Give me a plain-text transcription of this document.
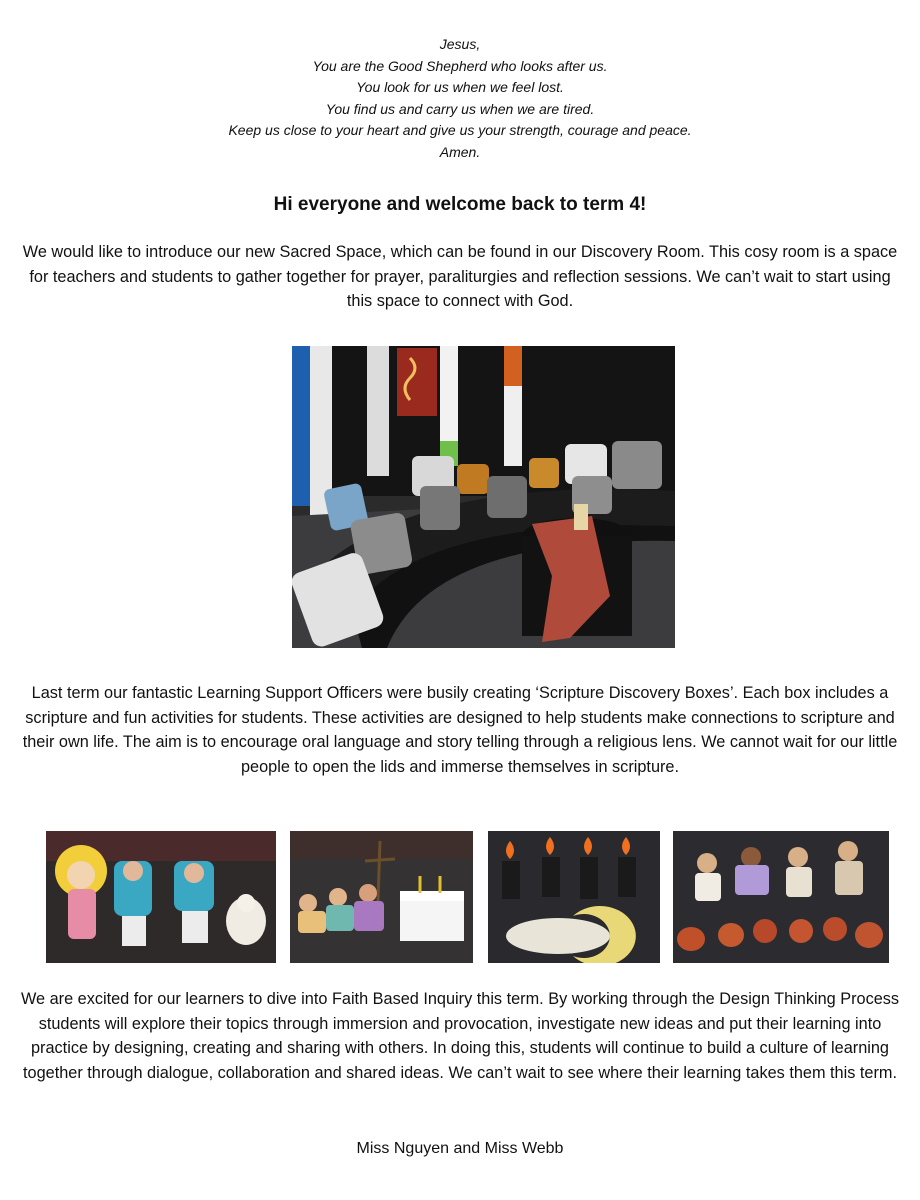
Jesus,
You are the Good Shepherd who looks after us.
You look for us when we feel lost.
You find us and carry us when we are tired.
Keep us close to your heart and give us your strength, courage and peace.
Amen.
Hi everyone and welcome back to term 4!
We would like to introduce our new Sacred Space, which can be found in our Discovery Room. This cosy room is a space for teachers and students to gather together for prayer, paraliturgies and reflection sessions. We can’t wait to start using this space to connect with God.
Last term our fantastic Learning Support Officers were busily creating ‘Scripture Discovery Boxes’. Each box includes a scripture and fun activities for students. These activities are designed to help students make connections to scripture and their own life. The aim is to encourage oral language and story telling through a religious lens. We cannot wait for our little people to open the lids and immerse themselves in scripture.
We are excited for our learners to dive into Faith Based Inquiry this term. By working through the Design Thinking Process students will explore their topics through immersion and provocation, investigate new ideas and put their learning into practice by designing, creating and sharing with others. In doing this, students will continue to build a culture of learning together through dialogue, collaboration and shared ideas. We can’t wait to see where their learning takes them this term.
Miss Nguyen and Miss Webb
